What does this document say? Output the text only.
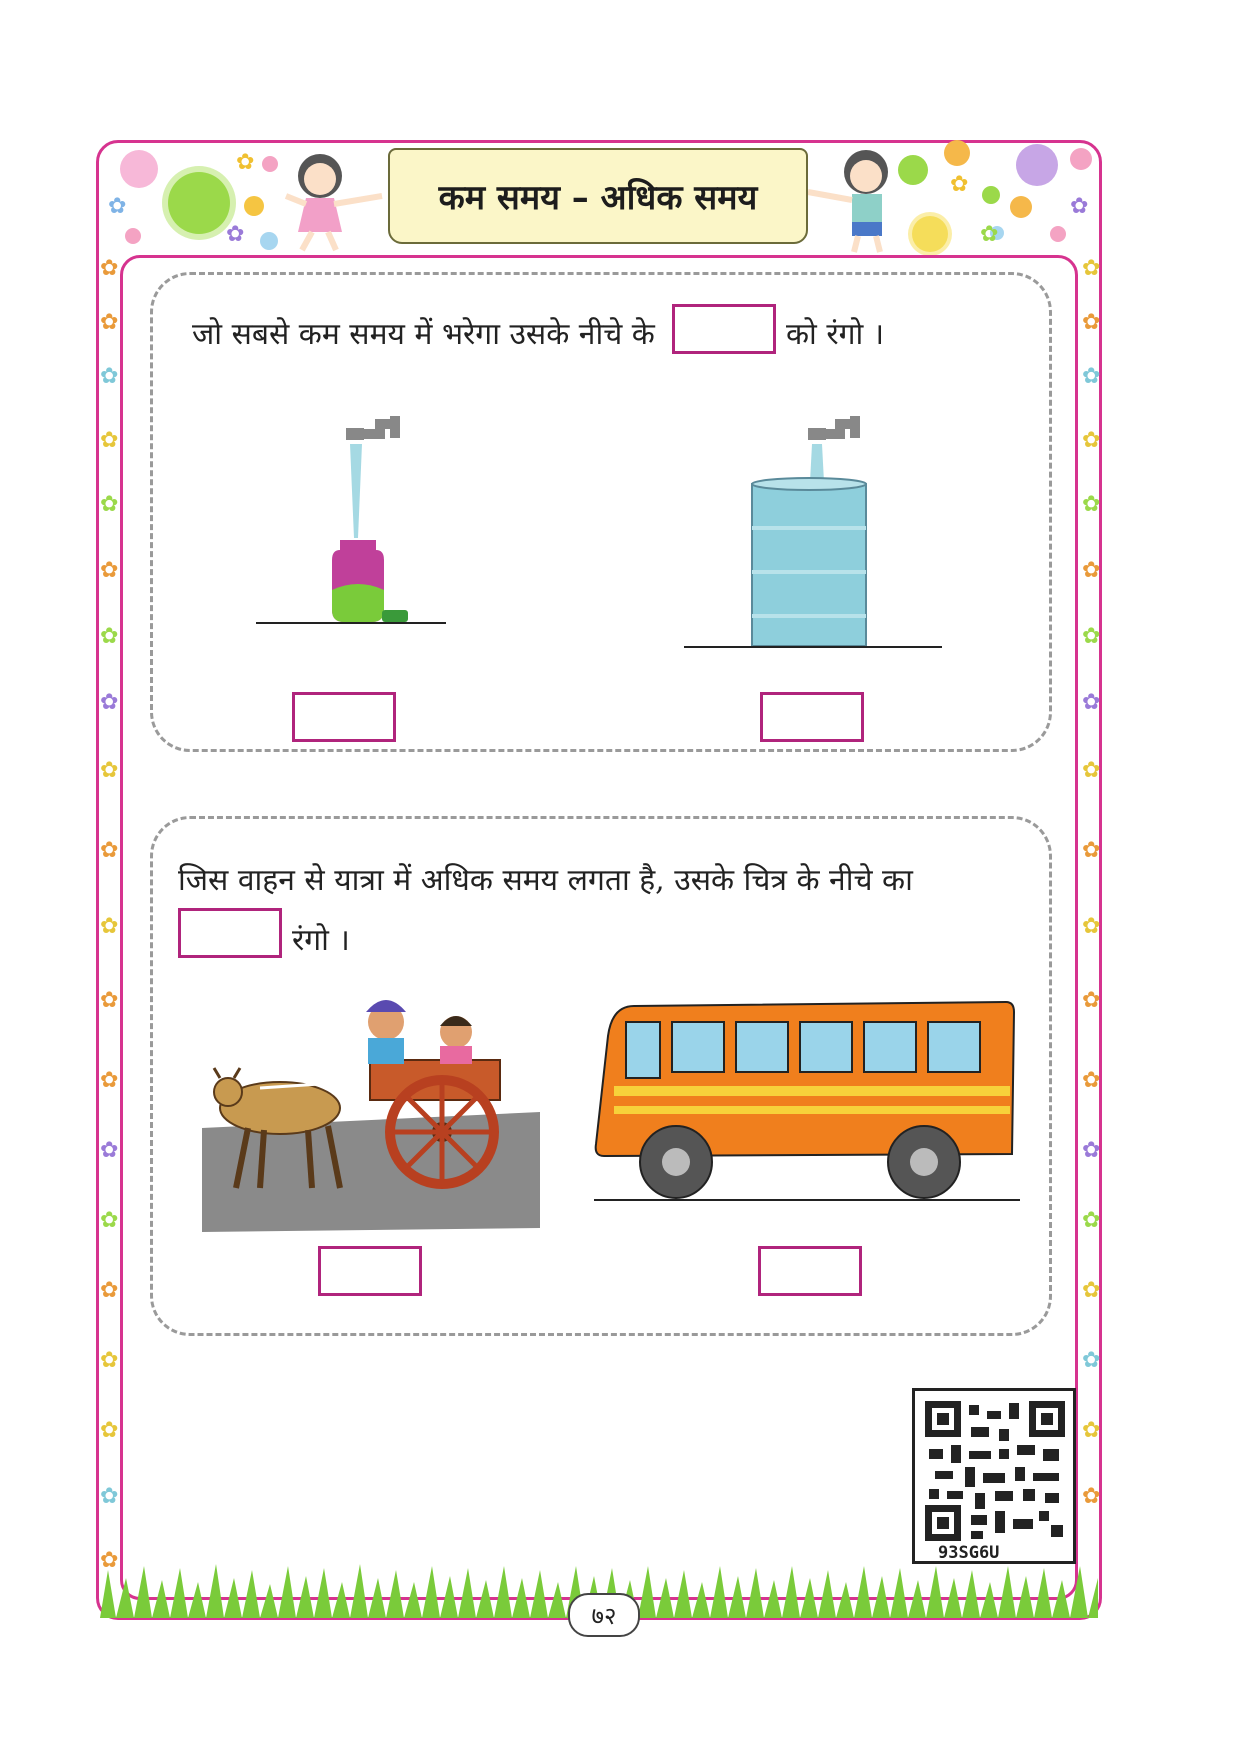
✿
✿
✿
✿
✿
✿
✿
✿
✿
✿
✿
✿
✿
✿
✿
✿
✿
✿
✿
✿
✿
✿
✿
✿
✿
✿
✿
✿
✿
✿
✿
✿
✿
✿
✿
✿
✿
✿
✿
✿
✿
✿
✿
✿
✿
कम समय – अधिक समय
जो सबसे कम समय में भरेगा उसके नीचे के	को रंगो ।
जिस वाहन से यात्रा में अधिक समय लगता है, उसके चित्र के नीचे का
रंगो ।
93SG6U
७२
